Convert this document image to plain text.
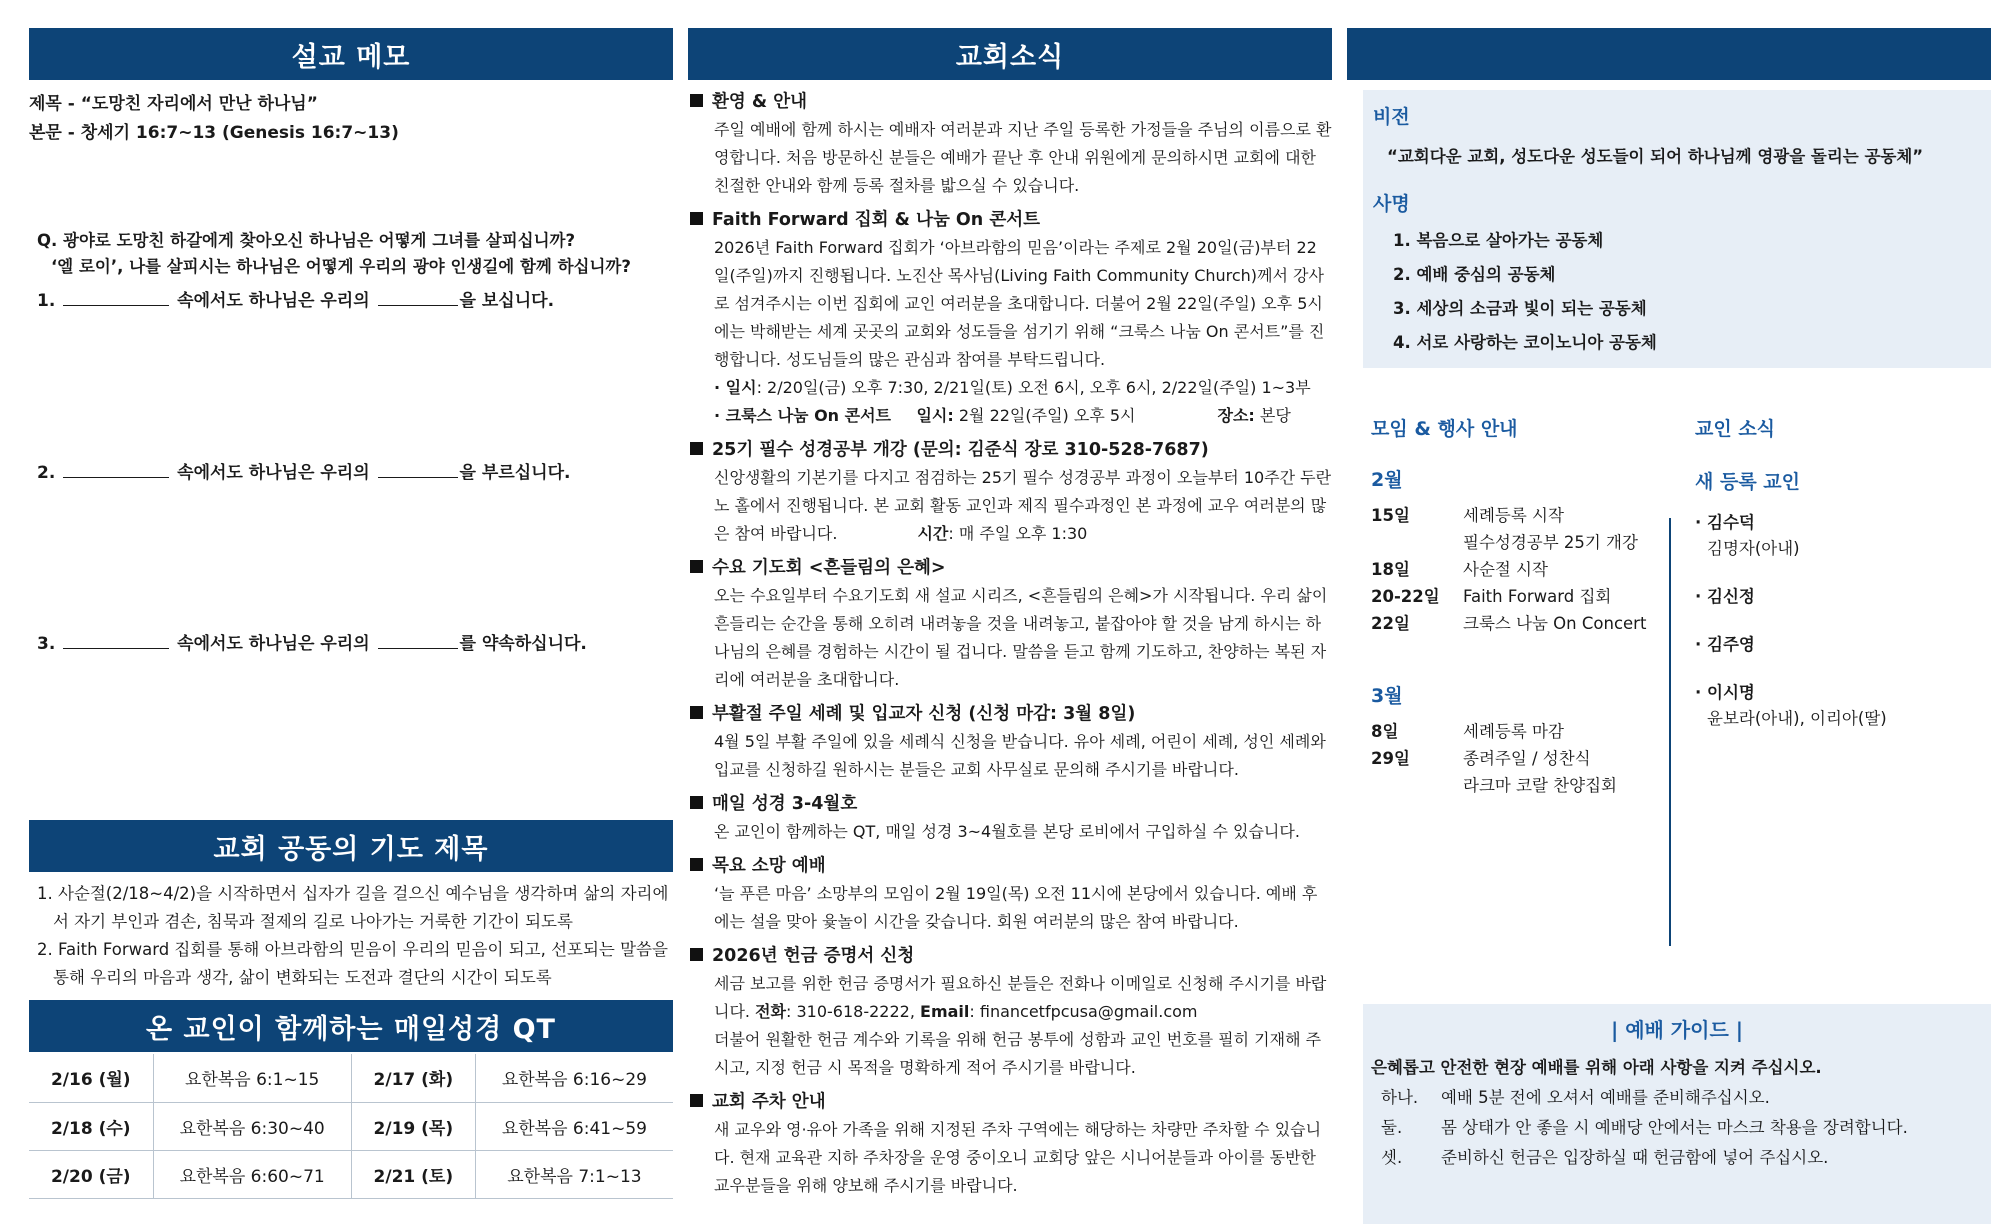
설교 메모
제목 - “도망친 자리에서 만난 하나님”
본문 - 창세기 16:7~13 (Genesis 16:7~13)
Q. 광야로 도망친 하갈에게 찾아오신 하나님은 어떻게 그녀를 살피십니까?
‘엘 로이’, 나를 살피시는 하나님은 어떻게 우리의 광야 인생길에 함께 하십니까?
1.	속에서도 하나님은 우리의	을 보십니다.
2.	속에서도 하나님은 우리의	을 부르십니다.
3.	속에서도 하나님은 우리의	를 약속하십니다.
교회 공동의 기도 제목
1. 사순절(2/18~4/2)을 시작하면서 십자가 길을 걸으신 예수님을 생각하며 삶의 자리에서 자기 부인과 겸손, 침묵과 절제의 길로 나아가는 거룩한 기간이 되도록
2. Faith Forward 집회를 통해 아브라함의 믿음이 우리의 믿음이 되고, 선포되는 말씀을 통해 우리의 마음과 생각, 삶이 변화되는 도전과 결단의 시간이 되도록
온 교인이 함께하는 매일성경 QT
2/16 (월)	요한복음 6:1~15	2/17 (화)	요한복음 6:16~29
2/18 (수)	요한복음 6:30~40	2/19 (목)	요한복음 6:41~59
2/20 (금)	요한복음 6:60~71	2/21 (토)	요한복음 7:1~13
교회소식
환영 & 안내
주일 예배에 함께 하시는 예배자 여러분과 지난 주일 등록한 가정들을 주님의 이름으로 환영합니다. 처음 방문하신 분들은 예배가 끝난 후 안내 위원에게 문의하시면 교회에 대한 친절한 안내와 함께 등록 절차를 밟으실 수 있습니다.
Faith Forward 집회 & 나눔 On 콘서트
2026년 Faith Forward 집회가 ‘아브라함의 믿음’이라는 주제로 2월 20일(금)부터 22일(주일)까지 진행됩니다. 노진산 목사님(Living Faith Community Church)께서 강사로 섬겨주시는 이번 집회에 교인 여러분을 초대합니다. 더불어 2월 22일(주일) 오후 5시에는 박해받는 세계 곳곳의 교회와 성도들을 섬기기 위해 “크룩스 나눔 On 콘서트”를 진행합니다. 성도님들의 많은 관심과 참여를 부탁드립니다.
· 일시: 2/20일(금) 오후 7:30, 2/21일(토) 오전 6시, 오후 6시, 2/22일(주일) 1~3부
· 크룩스 나눔 On 콘서트 일시: 2월 22일(주일) 오후 5시	장소: 본당
25기 필수 성경공부 개강 (문의: 김준식 장로 310-528-7687)
신앙생활의 기본기를 다지고 점검하는 25기 필수 성경공부 과정이 오늘부터 10주간 두란노 홀에서 진행됩니다. 본 교회 활동 교인과 제직 필수과정인 본 과정에 교우 여러분의 많은 참여 바랍니다.	시간: 매 주일 오후 1:30
수요 기도회 <흔들림의 은혜>
오는 수요일부터 수요기도회 새 설교 시리즈, <흔들림의 은혜>가 시작됩니다. 우리 삶이 흔들리는 순간을 통해 오히려 내려놓을 것을 내려놓고, 붙잡아야 할 것을 남게 하시는 하나님의 은혜를 경험하는 시간이 될 겁니다. 말씀을 듣고 함께 기도하고, 찬양하는 복된 자리에 여러분을 초대합니다.
부활절 주일 세례 및 입교자 신청 (신청 마감: 3월 8일)
4월 5일 부활 주일에 있을 세례식 신청을 받습니다. 유아 세례, 어린이 세례, 성인 세례와 입교를 신청하길 원하시는 분들은 교회 사무실로 문의해 주시기를 바랍니다.
매일 성경 3-4월호
온 교인이 함께하는 QT, 매일 성경 3~4월호를 본당 로비에서 구입하실 수 있습니다.
목요 소망 예배
‘늘 푸른 마음’ 소망부의 모임이 2월 19일(목) 오전 11시에 본당에서 있습니다. 예배 후에는 설을 맞아 윷놀이 시간을 갖습니다. 회원 여러분의 많은 참여 바랍니다.
2026년 헌금 증명서 신청
세금 보고를 위한 헌금 증명서가 필요하신 분들은 전화나 이메일로 신청해 주시기를 바랍니다. 전화: 310-618-2222, Email: financetfpcusa@gmail.com
더불어 원활한 헌금 계수와 기록을 위해 헌금 봉투에 성함과 교인 번호를 필히 기재해 주시고, 지정 헌금 시 목적을 명확하게 적어 주시기를 바랍니다.
교회 주차 안내
새 교우와 영·유아 가족을 위해 지정된 주차 구역에는 해당하는 차량만 주차할 수 있습니다. 현재 교육관 지하 주차장을 운영 중이오니 교회당 앞은 시니어분들과 아이를 동반한 교우분들을 위해 양보해 주시기를 바랍니다.
비전
“교회다운 교회, 성도다운 성도들이 되어 하나님께 영광을 돌리는 공동체”
사명
1. 복음으로 살아가는 공동체
2. 예배 중심의 공동체
3. 세상의 소금과 빛이 되는 공동체
4. 서로 사랑하는 코이노니아 공동체
모임 & 행사 안내
2월
15일	세례등록 시작
필수성경공부 25기 개강
18일	사순절 시작
20-22일	Faith Forward 집회
22일	크룩스 나눔 On Concert
3월
8일	세례등록 마감
29일	종려주일 / 성찬식
라크마 코랄 찬양집회
교인 소식
새 등록 교인
· 김수덕
김명자(아내)
· 김신정
· 김주영
· 이시명
윤보라(아내), 이리아(딸)
| 예배 가이드 |
은혜롭고 안전한 현장 예배를 위해 아래 사항을 지켜 주십시오.
하나.	예배 5분 전에 오셔서 예배를 준비해주십시오.
둘.	몸 상태가 안 좋을 시 예배당 안에서는 마스크 착용을 장려합니다.
셋.	준비하신 헌금은 입장하실 때 헌금함에 넣어 주십시오.
